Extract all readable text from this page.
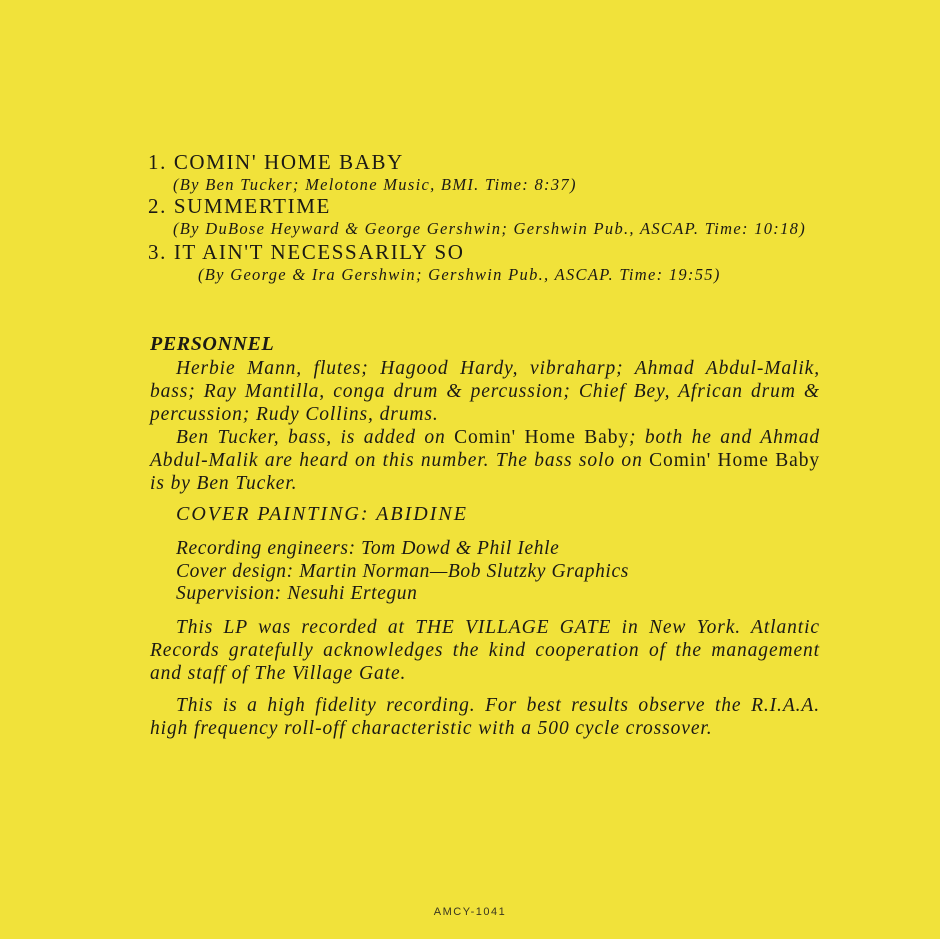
1. COMIN' HOME BABY
(By Ben Tucker; Melotone Music, BMI. Time: 8:37)
2. SUMMERTIME
(By DuBose Heyward & George Gershwin; Gershwin Pub., ASCAP. Time: 10:18)
3. IT AIN'T NECESSARILY SO
(By George & Ira Gershwin; Gershwin Pub., ASCAP. Time: 19:55)
PERSONNEL

Herbie Mann, flutes; Hagood Hardy, vibraharp; Ahmad Abdul-Malik, bass; Ray Mantilla, conga drum & percussion; Chief Bey, African drum & percussion; Rudy Collins, drums.

Ben Tucker, bass, is added on Comin' Home Baby; both he and Ahmad Abdul-Malik are heard on this number. The bass solo on Comin' Home Baby is by Ben Tucker.

COVER PAINTING: ABIDINE
Recording engineers: Tom Dowd & Phil Iehle
Cover design: Martin Norman—Bob Slutzky Graphics
Supervision: Nesuhi Ertegun

This LP was recorded at THE VILLAGE GATE in New York. Atlantic Records gratefully acknowledges the kind cooperation of the management and staff of The Village Gate.

This is a high fidelity recording. For best results observe the R.I.A.A. high frequency roll-off characteristic with a 500 cycle crossover.

AMCY-1041
